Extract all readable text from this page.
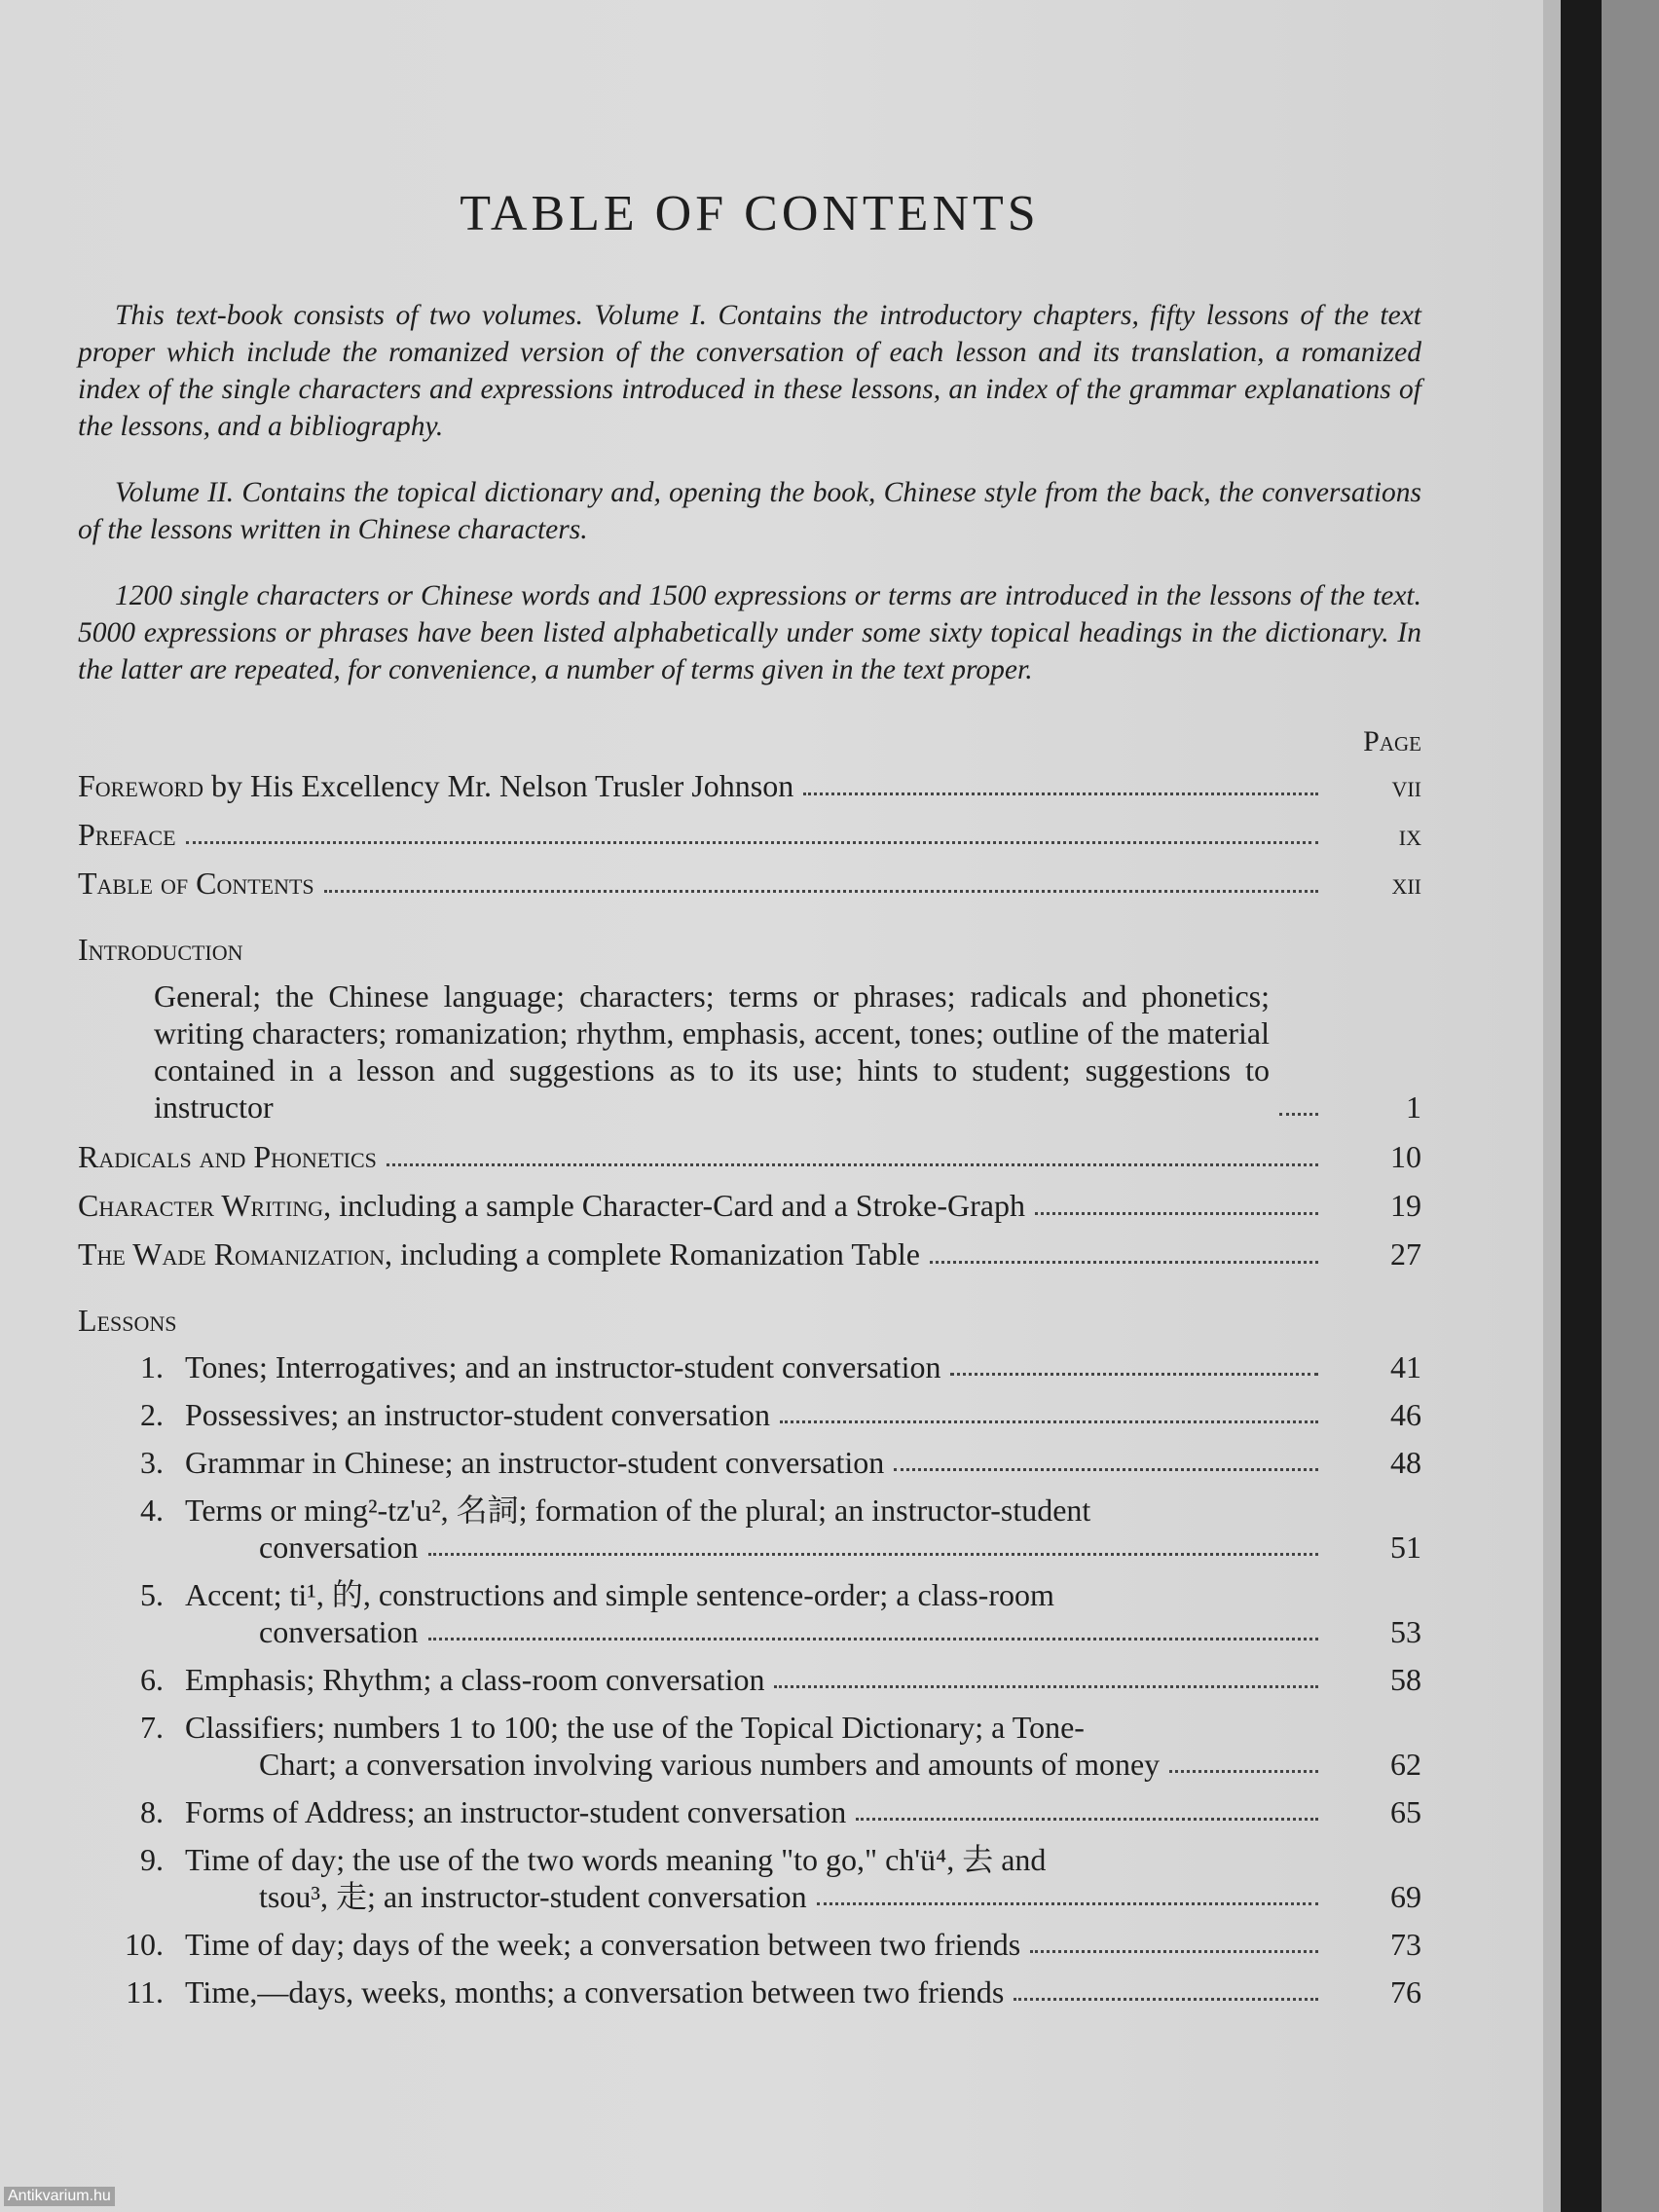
TABLE OF CONTENTS

This text-book consists of two volumes. Volume I. Contains the introductory chapters, fifty lessons of the text proper which include the romanized version of the conversation of each lesson and its translation, a romanized index of the single characters and expressions introduced in these lessons, an index of the grammar explanations of the lessons, and a bibliography.

Volume II. Contains the topical dictionary and, opening the book, Chinese style from the back, the conversations of the lessons written in Chinese characters.

1200 single characters or Chinese words and 1500 expressions or terms are introduced in the lessons of the text. 5000 expressions or phrases have been listed alphabetically under some sixty topical headings in the dictionary. In the latter are repeated, for convenience, a number of terms given in the text proper.

Page
Foreword by His Excellency Mr. Nelson Trusler Johnson	vii
Preface	ix
Table of Contents	xii
Introduction
General; the Chinese language; characters; terms or phrases; radicals and phonetics; writing characters; romanization; rhythm, emphasis, accent, tones; outline of the material contained in a lesson and suggestions as to its use; hints to student; suggestions to instructor	1
Radicals and Phonetics	10
Character Writing, including a sample Character-Card and a Stroke-Graph	19
The Wade Romanization, including a complete Romanization Table	27
Lessons
1. Tones; Interrogatives; and an instructor-student conversation	41
2. Possessives; an instructor-student conversation	46
3. Grammar in Chinese; an instructor-student conversation	48
4. Terms or ming²-tz'u², 名詞; formation of the plural; an instructor-student
conversation	51
5. Accent; ti¹, 的, constructions and simple sentence-order; a class-room
conversation	53
6. Emphasis; Rhythm; a class-room conversation	58
7. Classifiers; numbers 1 to 100; the use of the Topical Dictionary; a Tone-
Chart; a conversation involving various numbers and amounts of money	62
8. Forms of Address; an instructor-student conversation	65
9. Time of day; the use of the two words meaning "to go," ch'ü⁴, 去 and
tsou³, 走; an instructor-student conversation	69
10. Time of day; days of the week; a conversation between two friends	73
11. Time,—days, weeks, months; a conversation between two friends	76
Antikvarium.hu
